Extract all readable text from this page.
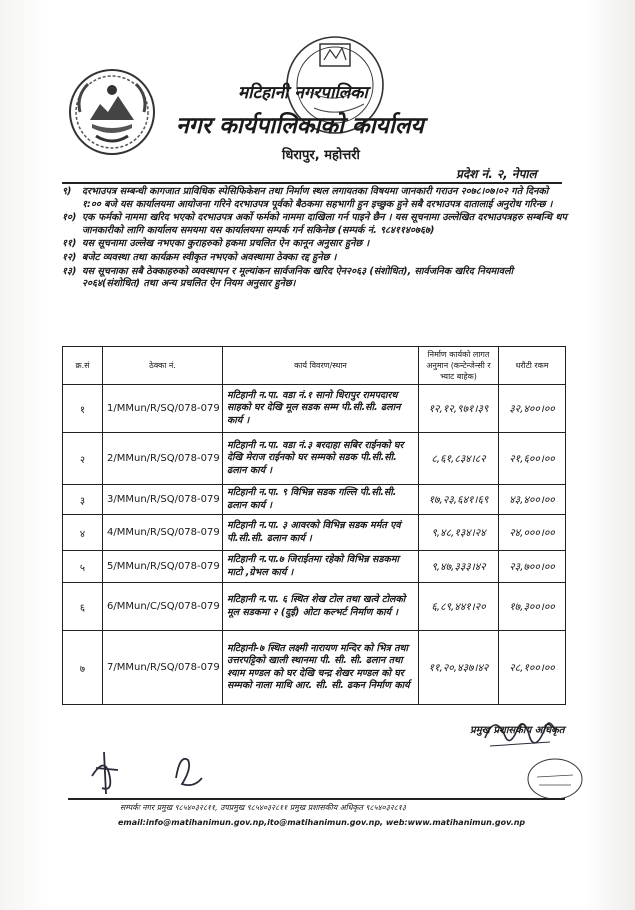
मटिहानी नगरपालिका
नगर कार्यपालिकाको कार्यालय
धिरापुर, महोत्तरी
प्रदेश नं. २, नेपाल
९)	दरभाउपत्र सम्बन्धी कागजात प्राविधिक स्पेसिफिकेशन तथा निर्माण स्थल लगायतका विषयमा जानकारी गराउन २०७८।०७।०२ गते दिनको १:०० बजे यस कार्यालयमा आयोजना गरिने दरभाउपत्र पूर्वको बैठकमा सहभागी हुन इच्छुक हुने सबै दरभाउपत्र दातालाई अनुरोध गरिन्छ ।
१०) एक फर्मको नाममा खरिद भएको दरभाउपत्र अर्को फर्मको नाममा दाखिला गर्न पाइने छैन । यस सूचनामा उल्लेखित दरभाउपत्रहरु सम्बन्धि थप जानकारीको लागि कार्यालय समयमा यस कार्यालयमा सम्पर्क गर्न सकिनेछ (सम्पर्क नं. ९८४११४०७६७)
११) यस सूचनामा उल्लेख नभएका कुराहरुको हकमा प्रचलित ऐन कानून अनुसार हुनेछ ।
१२) बजेट व्यवस्था तथा कार्यक्रम स्वीकृत नभएको अवस्थामा ठेक्का रद्द हुनेछ ।
१३) यस सूचनाका सबै ठेक्काहरुको व्यवस्थापन र मूल्यांकन सार्वजनिक खरिद ऐन२०६३ (संशोधित), सार्वजनिक खरिद नियमावली २०६४(संशोधित) तथा अन्य प्रचलित ऐन नियम अनुसार हुनेछ।
क्र.सं	ठेक्का नं.	कार्य विवरण/स्थान	निर्माण कार्यको लागत अनुमान (कन्टेन्जेन्सी र भ्याट बाहेक)	धरौटी रकम
१	1/MMun/R/SQ/078-079	मटिहानी न.पा. वडा नं.१ सानो धिरापुर रामपदारथ साहको घर देखि मूल सडक सम्म पी.सी.सी. ढलान कार्य ।	१२,१२,९७१।३९	३२,४००।००
२	2/MMun/R/SQ/078-079	मटिहानी न.पा. वडा नं.३ बरदाहा सबिर राईनको घर देखि मेराज राईनको घर सम्मको सडक पी.सी.सी. ढलान कार्य ।	८,६१,८३४।८२	२१,६००।००
३	3/MMun/R/SQ/078-079	मटिहानी न.पा. ९ विभिन्न सडक गल्लि पी.सी.सी. ढलान कार्य ।	१७,२३,६४१।६९	४३,४००।००
४	4/MMun/R/SQ/078-079	मटिहानी न.पा. ३ आवरको विभिन्न सडक मर्मत एवं पी.सी.सी. ढलान कार्य ।	९,४८,१३४।२४	२४,०००।००
५	5/MMun/R/SQ/078-079	मटिहानी न.पा.७ जिराईतमा रहेको विभिन्न सडकमा माटो ,ग्रेभल कार्य ।	९,४७,३३३।४२	२३,७००।००
६	6/MMun/C/SQ/078-079	मटिहानी न.पा. ६ स्थित शेख टोल तथा खत्वे टोलको मूल सडकमा २ (दुई) ओटा कल्भर्ट निर्माण कार्य ।	६,८९,४४१।२०	१७,३००।००
७	7/MMun/R/SQ/078-079	मटिहानी-७ स्थित लक्ष्मी नारायण मन्दिर को भित्र तथा उत्तरपट्टिको खाली स्थानमा पी. सी. सी. ढलान तथा श्याम मण्डल को घर देखि चन्द्र शेखर मण्डल को घर सम्मको नाला माथि आर. सी. सी. ढकन निर्माण कार्य	११,२०,४३७।४२	२८,१००।००
प्रमुख प्रशासकीय अधिकृत
सम्पर्कः नगर प्रमुख ९८५४०३२८११, उपप्रमुख ९८५४०३२८११ प्रमुख प्रशासकीय अधिकृत ९८५४०३२८१३
email:info@matihanimun.gov.np,ito@matihanimun.gov.np, web:www.matihanimun.gov.np
